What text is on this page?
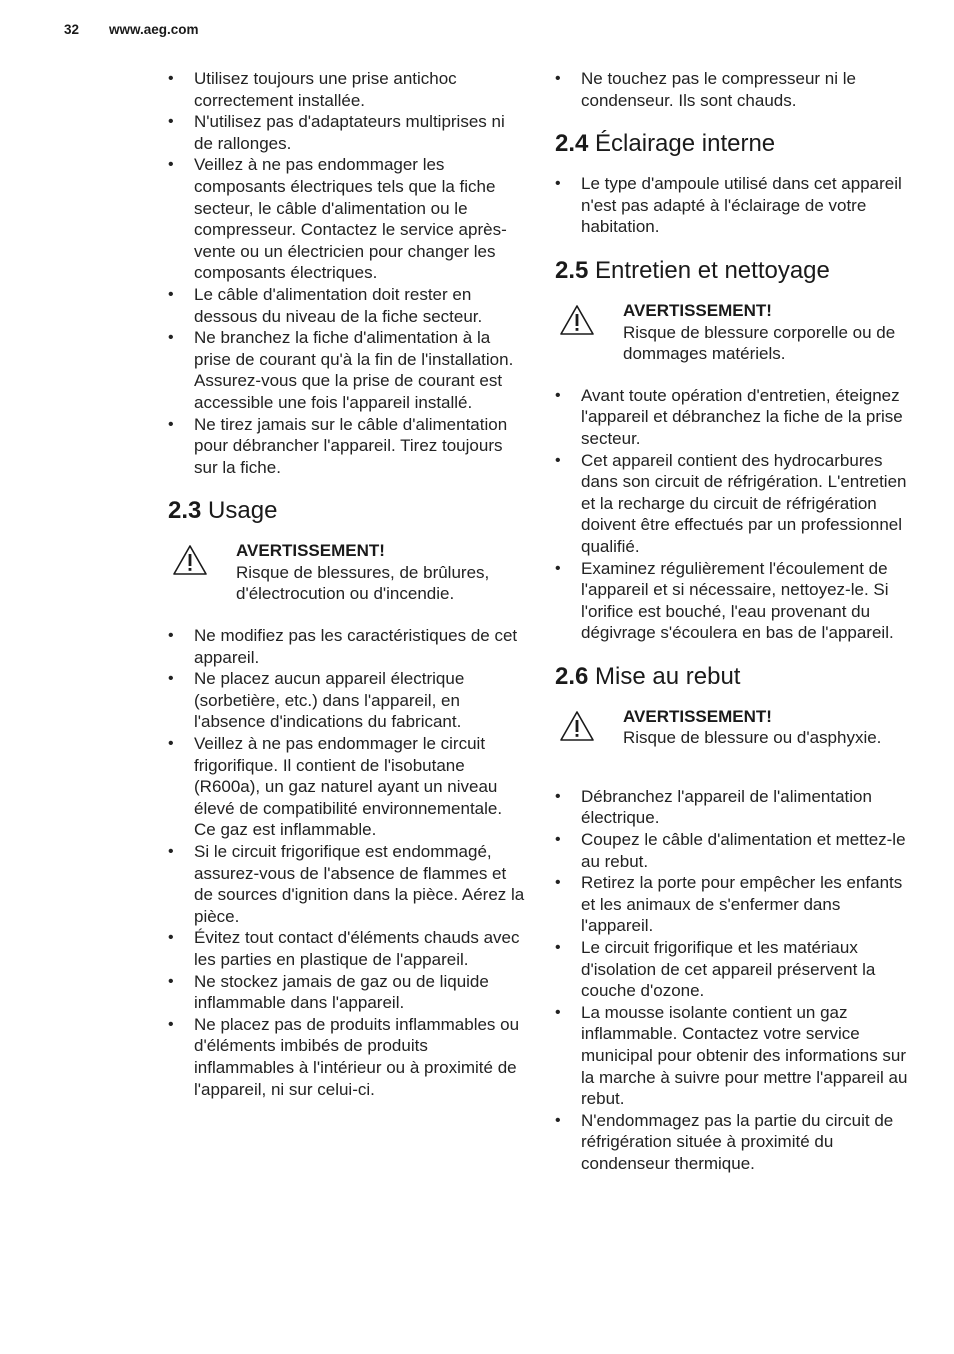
32 www.aeg.com
• Utilisez toujours une prise antichoc correctement installée.
• N'utilisez pas d'adaptateurs multiprises ni de rallonges.
• Veillez à ne pas endommager les composants électriques tels que la fiche secteur, le câble d'alimentation ou le compresseur. Contactez le service après-vente ou un électricien pour changer les composants électriques.
• Le câble d'alimentation doit rester en dessous du niveau de la fiche secteur.
• Ne branchez la fiche d'alimentation à la prise de courant qu'à la fin de l'installation. Assurez-vous que la prise de courant est accessible une fois l'appareil installé.
• Ne tirez jamais sur le câble d'alimentation pour débrancher l'appareil. Tirez toujours sur la fiche.
2.3 Usage
AVERTISSEMENT!
Risque de blessures, de brûlures, d'électrocution ou d'incendie.
• Ne modifiez pas les caractéristiques de cet appareil.
• Ne placez aucun appareil électrique (sorbetière, etc.) dans l'appareil, en l'absence d'indications du fabricant.
• Veillez à ne pas endommager le circuit frigorifique. Il contient de l'isobutane (R600a), un gaz naturel ayant un niveau élevé de compatibilité environnementale. Ce gaz est inflammable.
• Si le circuit frigorifique est endommagé, assurez-vous de l'absence de flammes et de sources d'ignition dans la pièce. Aérez la pièce.
• Évitez tout contact d'éléments chauds avec les parties en plastique de l'appareil.
• Ne stockez jamais de gaz ou de liquide inflammable dans l'appareil.
• Ne placez pas de produits inflammables ou d'éléments imbibés de produits inflammables à l'intérieur ou à proximité de l'appareil, ni sur celui-ci.
• Ne touchez pas le compresseur ni le condenseur. Ils sont chauds.
2.4 Éclairage interne
• Le type d'ampoule utilisé dans cet appareil n'est pas adapté à l'éclairage de votre habitation.
2.5 Entretien et nettoyage
AVERTISSEMENT!
Risque de blessure corporelle ou de dommages matériels.
• Avant toute opération d'entretien, éteignez l'appareil et débranchez la fiche de la prise secteur.
• Cet appareil contient des hydrocarbures dans son circuit de réfrigération. L'entretien et la recharge du circuit de réfrigération doivent être effectués par un professionnel qualifié.
• Examinez régulièrement l'écoulement de l'appareil et si nécessaire, nettoyez-le. Si l'orifice est bouché, l'eau provenant du dégivrage s'écoulera en bas de l'appareil.
2.6 Mise au rebut
AVERTISSEMENT!
Risque de blessure ou d'asphyxie.
• Débranchez l'appareil de l'alimentation électrique.
• Coupez le câble d'alimentation et mettez-le au rebut.
• Retirez la porte pour empêcher les enfants et les animaux de s'enfermer dans l'appareil.
• Le circuit frigorifique et les matériaux d'isolation de cet appareil préservent la couche d'ozone.
• La mousse isolante contient un gaz inflammable. Contactez votre service municipal pour obtenir des informations sur la marche à suivre pour mettre l'appareil au rebut.
• N'endommagez pas la partie du circuit de réfrigération située à proximité du condenseur thermique.
